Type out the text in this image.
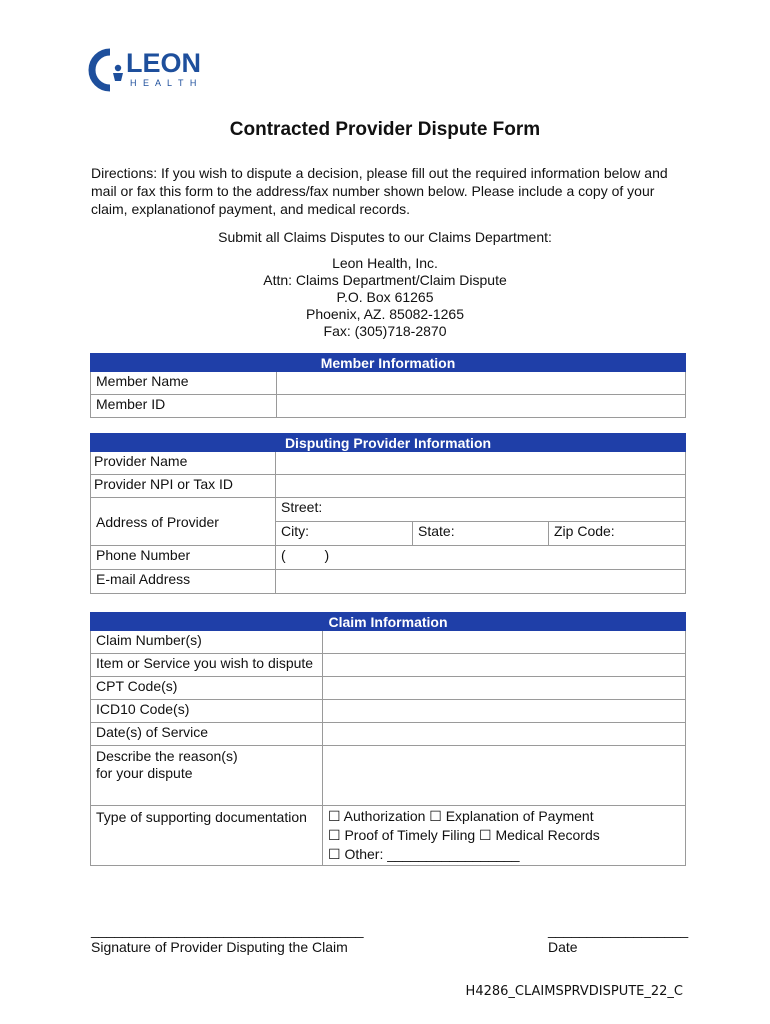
LEON
H E A L T H
Contracted Provider Dispute Form
Directions: If you wish to dispute a decision, please fill out the required information below and mail or fax this form to the address/fax number shown below. Please include a copy of your claim, explanationof payment, and medical records.
Submit all Claims Disputes to our Claims Department:
Leon Health, Inc.
Attn: Claims Department/Claim Dispute
P.O. Box 61265
Phoenix, AZ. 85082-1265
Fax: (305)718-2870
Member Information	
Member Name	
Member ID	
Disputing Provider Information			
Provider Name			
Provider NPI or Tax ID			
Address of Provider	Street:		
	City:	State:	Zip Code:
Phone Number	(          )		
E-mail Address			
Claim Information	
Claim Number(s)	
Item or Service you wish to dispute	
CPT Code(s)	
ICD10 Code(s)	
Date(s) of Service	

Describe the reason(s)
for your dispute	

Type of supporting documentation	☐ Authorization ☐ Explanation of Payment
☐ Proof of Timely Filing ☐ Medical Records
☐ Other: _________________
___________________________________
Signature of Provider Disputing the Claim
__________________
Date
H4286_CLAIMSPRVDISPUTE_22_C
